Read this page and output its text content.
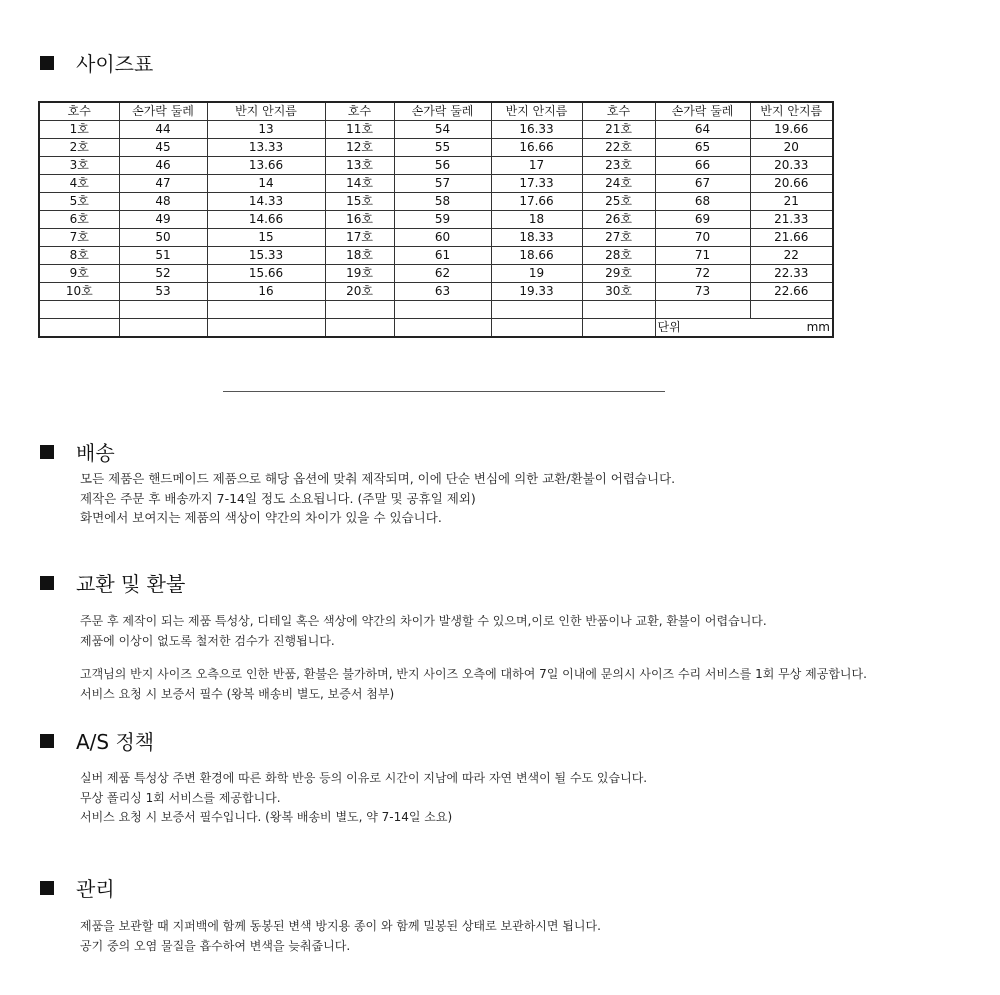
사이즈표
호수	손가락 둘레	반지 안지름	호수	손가락 둘레	반지 안지름	호수	손가락 둘레	반지 안지름
1호	44	13	11호	54	16.33	21호	64	19.66
2호	45	13.33	12호	55	16.66	22호	65	20
3호	46	13.66	13호	56	17	23호	66	20.33
4호	47	14	14호	57	17.33	24호	67	20.66
5호	48	14.33	15호	58	17.66	25호	68	21
6호	49	14.66	16호	59	18	26호	69	21.33
7호	50	15	17호	60	18.33	27호	70	21.66
8호	51	15.33	18호	61	18.66	28호	71	22
9호	52	15.66	19호	62	19	29호	72	22.33
10호	53	16	20호	63	19.33	30호	73	22.66

							단위	mm
배송
모든 제품은 핸드메이드 제품으로 해당 옵션에 맞춰 제작되며, 이에 단순 변심에 의한 교환/환불이 어렵습니다.
제작은 주문 후 배송까지 7-14일 정도 소요됩니다. (주말 및 공휴일 제외)
화면에서 보여지는 제품의 색상이 약간의 차이가 있을 수 있습니다.
교환 및 환불
주문 후 제작이 되는 제품 특성상, 디테일 혹은 색상에 약간의 차이가 발생할 수 있으며,이로 인한 반품이나 교환, 환불이 어렵습니다.
제품에 이상이 없도록 철저한 검수가 진행됩니다.
고객님의 반지 사이즈 오측으로 인한 반품, 환불은 불가하며, 반지 사이즈 오측에 대하여 7일 이내에 문의시 사이즈 수리 서비스를 1회 무상 제공합니다.
서비스 요청 시 보증서 필수 (왕복 배송비 별도, 보증서 첨부)
A/S 정책
실버 제품 특성상 주변 환경에 따른 화학 반응 등의 이유로 시간이 지남에 따라 자연 변색이 될 수도 있습니다.
무상 폴리싱 1회 서비스를 제공합니다.
서비스 요청 시 보증서 필수입니다. (왕복 배송비 별도, 약 7-14일 소요)
관리
제품을 보관할 때 지퍼백에 함께 동봉된 변색 방지용 종이 와 함께 밀봉된 상태로 보관하시면 됩니다.
공기 중의 오염 물질을 흡수하여 변색을 늦춰줍니다.
